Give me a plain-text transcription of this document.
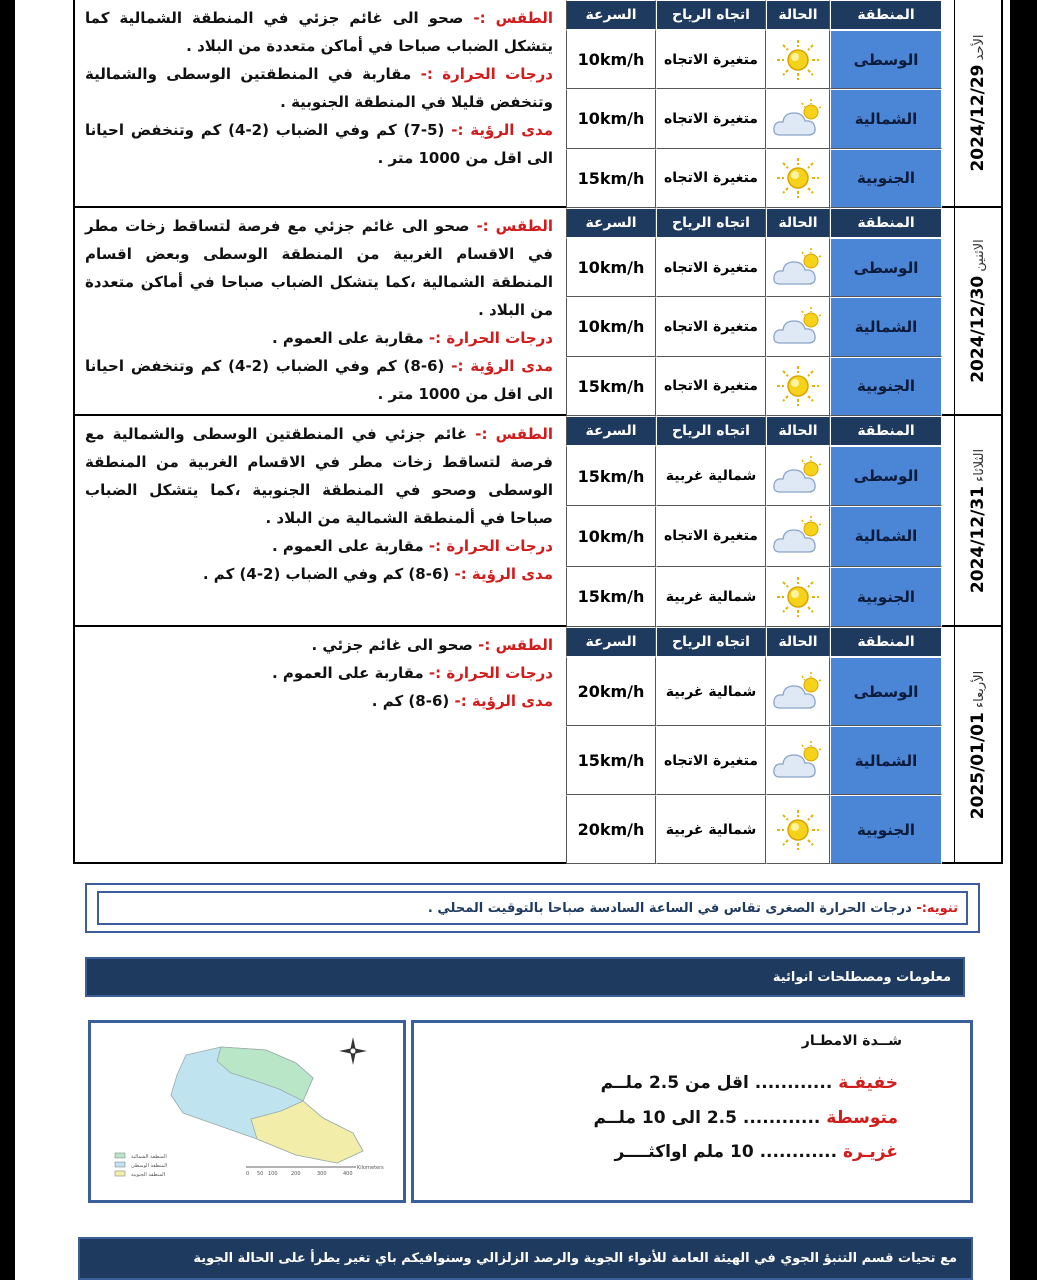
2024/12/29 الأحد
السرعة	اتجاه الرياح	الحالة	المنطقة
10km/h	متغيرة الاتجاه	الوسطى
10km/h	متغيرة الاتجاه	الشمالية
15km/h	متغيرة الاتجاه	الجنوبية
الطقس :- صحو الى غائم جزئي في المنطقة الشمالية كما يتشكل الضباب صباحا في أماكن متعددة من البلاد .
درجات الحرارة :- مقاربة في المنطقتين الوسطى والشمالية وتنخفض قليلا في المنطقة الجنوبية .
مدى الرؤية :- (5-7) كم وفي الضباب (2-4) كم وتنخفض احيانا الى اقل من 1000 متر .
2024/12/30 الاثنين
السرعة	اتجاه الرياح	الحالة	المنطقة
10km/h	متغيرة الاتجاه	الوسطى
10km/h	متغيرة الاتجاه	الشمالية
15km/h	متغيرة الاتجاه	الجنوبية
الطقس :- صحو الى غائم جزئي مع فرصة لتساقط زخات مطر في الاقسام الغربية من المنطقة الوسطى وبعض اقسام المنطقة الشمالية ،كما يتشكل الضباب صباحا في أماكن متعددة من البلاد .
درجات الحرارة :- مقاربة على العموم .
مدى الرؤية :- (6-8) كم وفي الضباب (2-4) كم وتنخفض احيانا الى اقل من 1000 متر .
2024/12/31 الثلاثاء
السرعة	اتجاه الرياح	الحالة	المنطقة
15km/h	شمالية غربية	الوسطى
10km/h	متغيرة الاتجاه	الشمالية
15km/h	شمالية غربية	الجنوبية
الطقس :- غائم جزئي في المنطقتين الوسطى والشمالية مع فرصة لتساقط زخات مطر في الاقسام الغربية من المنطقة الوسطى وصحو في المنطقة الجنوبية ،كما يتشكل الضباب صباحا في ألمنطقة الشمالية من البلاد .
درجات الحرارة :- مقاربة على العموم .
مدى الرؤية :- (6-8) كم وفي الضباب (2-4) كم .
2025/01/01 الأربعاء
السرعة	اتجاه الرياح	الحالة	المنطقة
20km/h	شمالية غربية	الوسطى
15km/h	متغيرة الاتجاه	الشمالية
20km/h	شمالية غربية	الجنوبية
الطقس :- صحو الى غائم جزئي .
درجات الحرارة :- مقاربة على العموم .
مدى الرؤية :- (6-8) كم .
تنويه:-

درجات الحرارة الصغرى تقاس في الساعة السادسة صباحا بالتوقيت المحلي .
معلومات ومصطلحات انوائية
المنطقة الشمالية
المنطقة الوسطى
المنطقة الجنوبية	0 50 100	200	300	400
Kilometers
شــدة الامطـار
خفيفـة ............ اقل من 2.5 ملــم
متوسطة ............ 2.5 الى 10 ملــم
غزيـرة ............ 10 ملم اواكثــــر
مع تحيات قسم التنبؤ الجوي في الهيئة العامة للأنواء الجوية والرصد الزلزالي وسنوافيكم باي تغير يطرأ على الحالة الجوية
